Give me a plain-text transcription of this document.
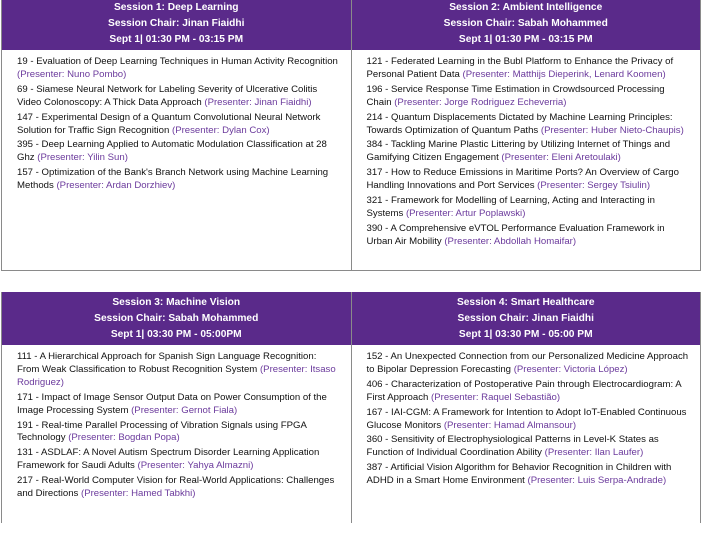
Session 1: Deep Learning
Session Chair: Jinan Fiaidhi
Sept 1| 01:30 PM - 03:15 PM
19 - Evaluation of Deep Learning Techniques in Human Activity Recognition (Presenter: Nuno Pombo)
69 - Siamese Neural Network for Labeling Severity of Ulcerative Colitis Video Colonoscopy: A Thick Data Approach (Presenter: Jinan Fiaidhi)
147 - Experimental Design of a Quantum Convolutional Neural Network Solution for Traffic Sign Recognition (Presenter: Dylan Cox)
395 - Deep Learning Applied to Automatic Modulation Classification at 28 Ghz (Presenter: Yilin Sun)
157 - Optimization of the Bank's Branch Network using Machine Learning Methods (Presenter: Ardan Dorzhiev)

Session 2: Ambient Intelligence
Session Chair: Sabah Mohammed
Sept 1| 01:30 PM - 03:15 PM
121 - Federated Learning in the Bubl Platform to Enhance the Privacy of Personal Patient Data (Presenter: Matthijs Dieperink, Lenard Koomen)
196 - Service Response Time Estimation in Crowdsourced Processing Chain (Presenter: Jorge Rodriguez Echeverria)
214 - Quantum Displacements Dictated by Machine Learning Principles: Towards Optimization of Quantum Paths (Presenter: Huber Nieto-Chaupis)
384 - Tackling Marine Plastic Littering by Utilizing Internet of Things and Gamifying Citizen Engagement (Presenter: Eleni Aretoulaki)
317 - How to Reduce Emissions in Maritime Ports? An Overview of Cargo Handling Innovations and Port Services (Presenter: Sergey Tsiulin)
321 - Framework for Modelling of Learning, Acting and Interacting in Systems (Presenter: Artur Poplawski)
390 - A Comprehensive eVTOL Performance Evaluation Framework in Urban Air Mobility (Presenter: Abdollah Homaifar)
Session 3: Machine Vision
Session Chair: Sabah Mohammed
Sept 1| 03:30 PM - 05:00PM
111 - A Hierarchical Approach for Spanish Sign Language Recognition: From Weak Classification to Robust Recognition System (Presenter: Itsaso Rodriguez)
171 - Impact of Image Sensor Output Data on Power Consumption of the Image Processing System (Presenter: Gernot Fiala)
191 - Real-time Parallel Processing of Vibration Signals using FPGA Technology (Presenter: Bogdan Popa)
131 - ASDLAF: A Novel Autism Spectrum Disorder Learning Application Framework for Saudi Adults (Presenter: Yahya Almazni)
217 - Real-World Computer Vision for Real-World Applications: Challenges and Directions (Presenter: Hamed Tabkhi)

Session 4: Smart Healthcare
Session Chair: Jinan Fiaidhi
Sept 1| 03:30 PM - 05:00 PM
152 - An Unexpected Connection from our Personalized Medicine Approach to Bipolar Depression Forecasting (Presenter: Victoria López)
406 - Characterization of Postoperative Pain through Electrocardiogram: A First Approach (Presenter: Raquel Sebastião)
167 - IAI-CGM: A Framework for Intention to Adopt IoT-Enabled Continuous Glucose Monitors (Presenter: Hamad Almansour)
360 - Sensitivity of Electrophysiological Patterns in Level-K States as Function of Individual Coordination Ability (Presenter: Ilan Laufer)
387 - Artificial Vision Algorithm for Behavior Recognition in Children with ADHD in a Smart Home Environment (Presenter: Luis Serpa-Andrade)
